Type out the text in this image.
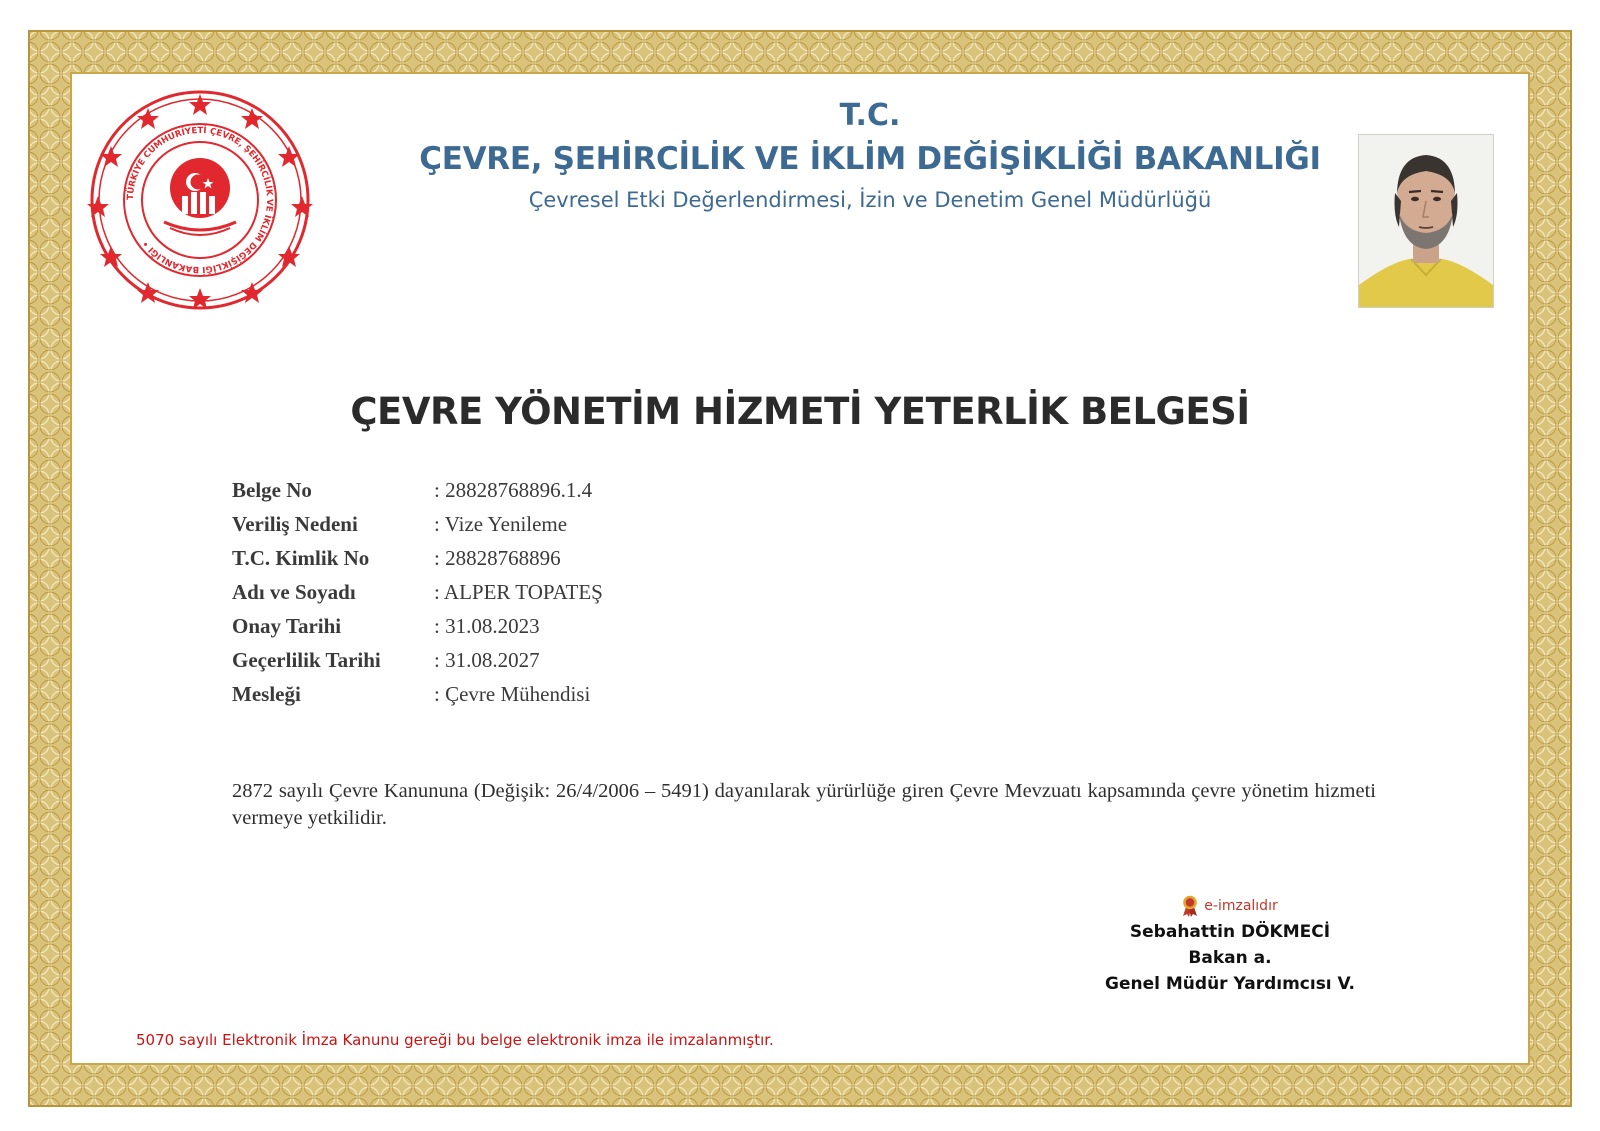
TÜRKİYE CUMHURİYETİ ÇEVRE, ŞEHİRCİLİK VE İKLİM DEĞİŞİKLİĞİ BAKANLIĞI •
T.C.
ÇEVRE, ŞEHİRCİLİK VE İKLİM DEĞİŞİKLİĞİ BAKANLIĞI
Çevresel Etki Değerlendirmesi, İzin ve Denetim Genel Müdürlüğü
ÇEVRE YÖNETİM HİZMETİ YETERLİK BELGESİ
Belge No	: 28828768896.1.4
Veriliş Nedeni	: Vize Yenileme
T.C. Kimlik No	: 28828768896
Adı ve Soyadı	: ALPER TOPATEŞ
Onay Tarihi	: 31.08.2023
Geçerlilik Tarihi	: 31.08.2027
Mesleği	: Çevre Mühendisi
2872 sayılı Çevre Kanununa (Değişik: 26/4/2006 – 5491) dayanılarak yürürlüğe giren Çevre Mevzuatı kapsamında çevre yönetim hizmeti vermeye yetkilidir.
e-imzalıdır
Sebahattin DÖKMECİ
Bakan a.
Genel Müdür Yardımcısı V.
5070 sayılı Elektronik İmza Kanunu gereği bu belge elektronik imza ile imzalanmıştır.
